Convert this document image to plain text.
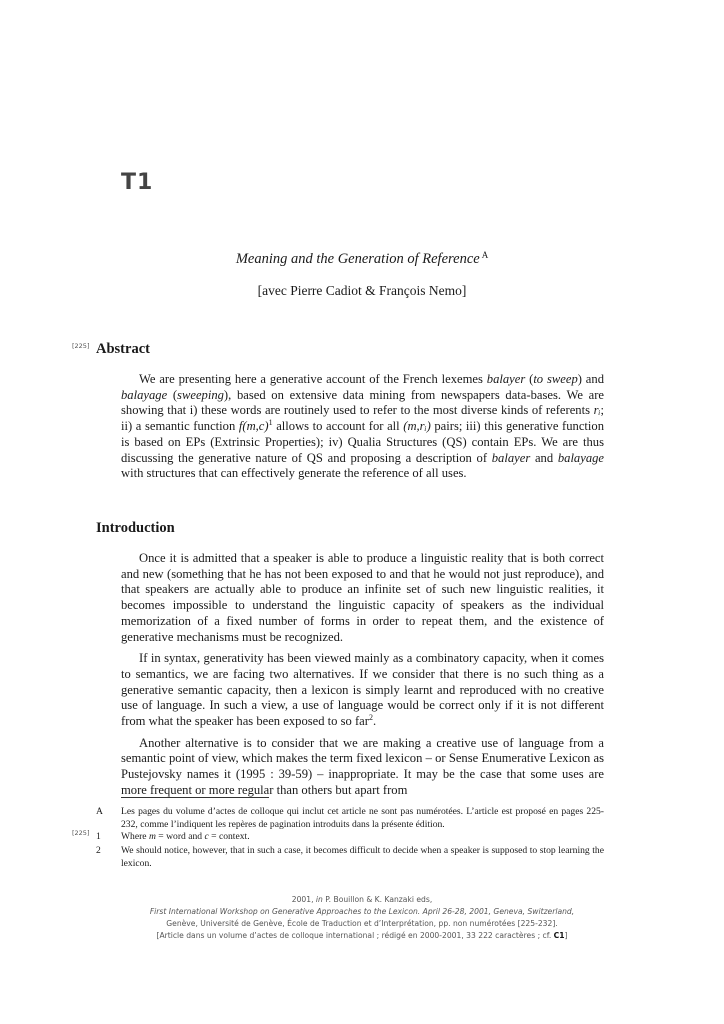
T1
Meaning and the Generation of Reference $^A$
[avec Pierre Cadiot & François Nemo]
[225] Abstract

We are presenting here a generative account of the French lexemes balayer (to sweep) and balayage (sweeping), based on extensive data mining from newspapers data-bases. We are showing that i) these words are routinely used to refer to the most diverse kinds of referents rᵢ; ii) a semantic function $f(m,c)^1$ allows to account for all (m,rᵢ) pairs; iii) this generative function is based on EPs (Extrinsic Properties); iv) Qualia Structures (QS) contain EPs. We are thus discussing the generative nature of QS and proposing a description of balayer and balayage with structures that can effectively generate the reference of all uses.

Introduction

Once it is admitted that a speaker is able to produce a linguistic reality that is both correct and new (something that he has not been exposed to and that he would not just reproduce), and that speakers are actually able to produce an infinite set of such new linguistic realities, it becomes impossible to understand the linguistic capacity of speakers as the individual memorization of a fixed number of forms in order to repeat them, and the existence of generative mechanisms must be recognized.

If in syntax, generativity has been viewed mainly as a combinatory capacity, when it comes to semantics, we are facing two alternatives. If we consider that there is no such thing as a generative semantic capacity, then a lexicon is simply learnt and reproduced with no creative use of language. In such a view, a use of language would be correct only if it is not different from what the speaker has been exposed to so far$^2$.

Another alternative is to consider that we are making a creative use of language from a semantic point of view, which makes the term fixed lexicon – or Sense Enumerative Lexicon as Pustejovsky names it (1995 : 39-59) – inappropriate. It may be the case that some uses are more frequent or more regular than others but apart from

A Les pages du volume d’actes de colloque qui inclut cet article ne sont pas numérotées. L’article est proposé en pages 225-232, comme l’indiquent les repères de pagination introduits dans la présente édition.
[225] 1 Where m = word and c = context.
2 We should notice, however, that in such a case, it becomes difficult to decide when a speaker is supposed to stop learning the lexicon.
2001, in P. Bouillon & K. Kanzaki eds,
First International Workshop on Generative Approaches to the Lexicon. April 26-28, 2001, Geneva, Switzerland,
Genève, Université de Genève, École de Traduction et d’Interprétation, pp. non numérotées [225-232].
[Article dans un volume d’actes de colloque international ; rédigé en 2000-2001, 33 222 caractères ; cf. C1]
